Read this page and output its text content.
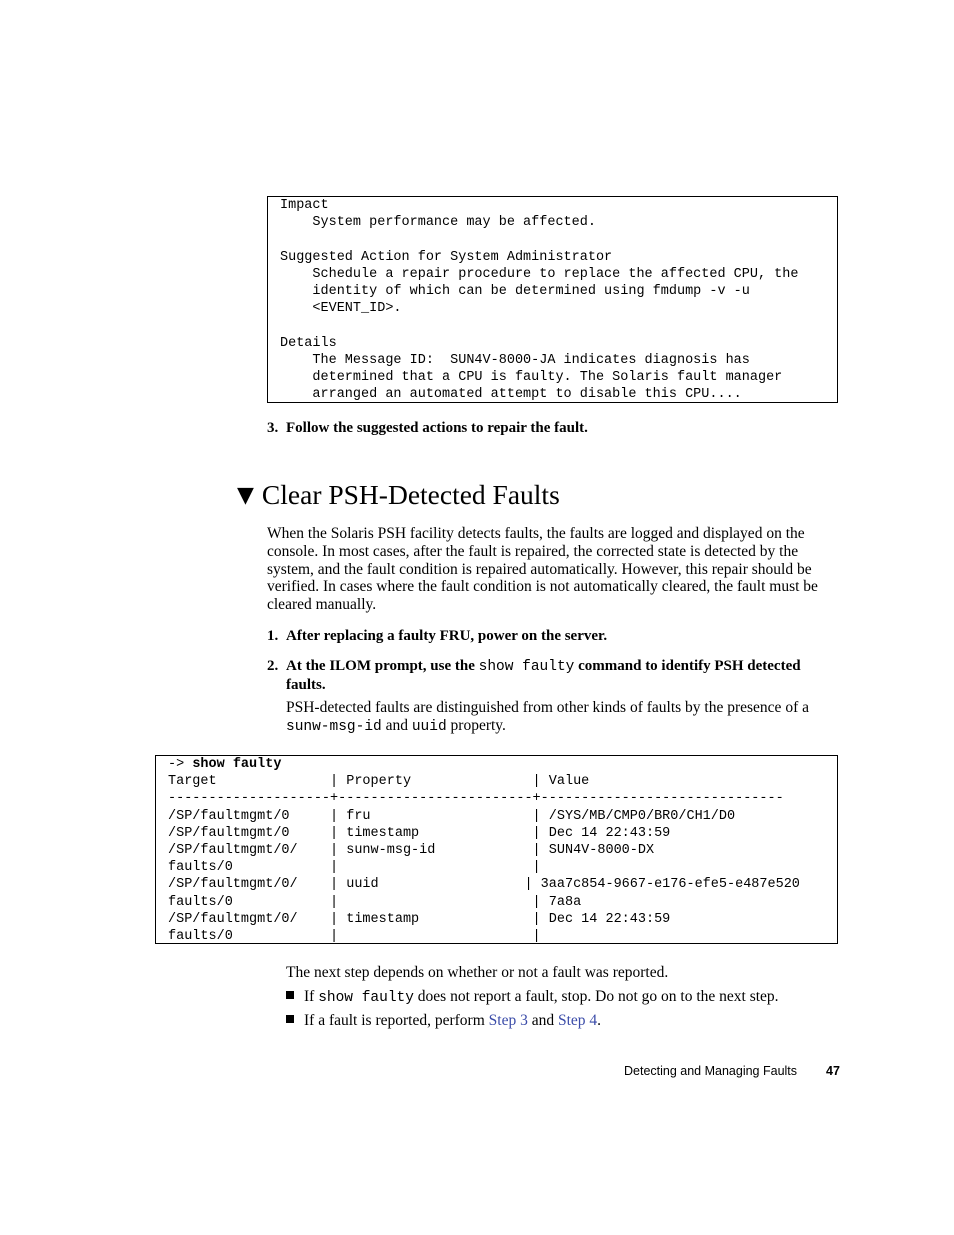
Impact
System performance may be affected.

Suggested Action for System Administrator
Schedule a repair procedure to replace the affected CPU, the
identity of which can be determined using fmdump -v -u
<EVENT_ID>.

Details
The Message ID:  SUN4V-8000-JA indicates diagnosis has
determined that a CPU is faulty. The Solaris fault manager
arranged an automated attempt to disable this CPU....
3. Follow the suggested actions to repair the fault.
▼ Clear PSH-Detected Faults
When the Solaris PSH facility detects faults, the faults are logged and displayed on the console. In most cases, after the fault is repaired, the corrected state is detected by the system, and the fault condition is repaired automatically. However, this repair should be verified. In cases where the fault condition is not automatically cleared, the fault must be cleared manually.
1. After replacing a faulty FRU, power on the server.
2. At the ILOM prompt, use the show faulty command to identify PSH detected faults.
PSH-detected faults are distinguished from other kinds of faults by the presence of a sunw-msg-id and uuid property.
-> show faulty
Target              | Property               | Value
--------------------+------------------------+------------------------------
/SP/faultmgmt/0     | fru                    | /SYS/MB/CMP0/BR0/CH1/D0
/SP/faultmgmt/0     | timestamp              | Dec 14 22:43:59
/SP/faultmgmt/0/    | sunw-msg-id            | SUN4V-8000-DX
faults/0            |                        |
/SP/faultmgmt/0/    | uuid                  | 3aa7c854-9667-e176-efe5-e487e520
faults/0            |                        | 7a8a
/SP/faultmgmt/0/    | timestamp              | Dec 14 22:43:59
faults/0            |                        |
The next step depends on whether or not a fault was reported.
If show faulty does not report a fault, stop. Do not go on to the next step.
If a fault is reported, perform Step 3 and Step 4.
Detecting and Managing Faults 47
